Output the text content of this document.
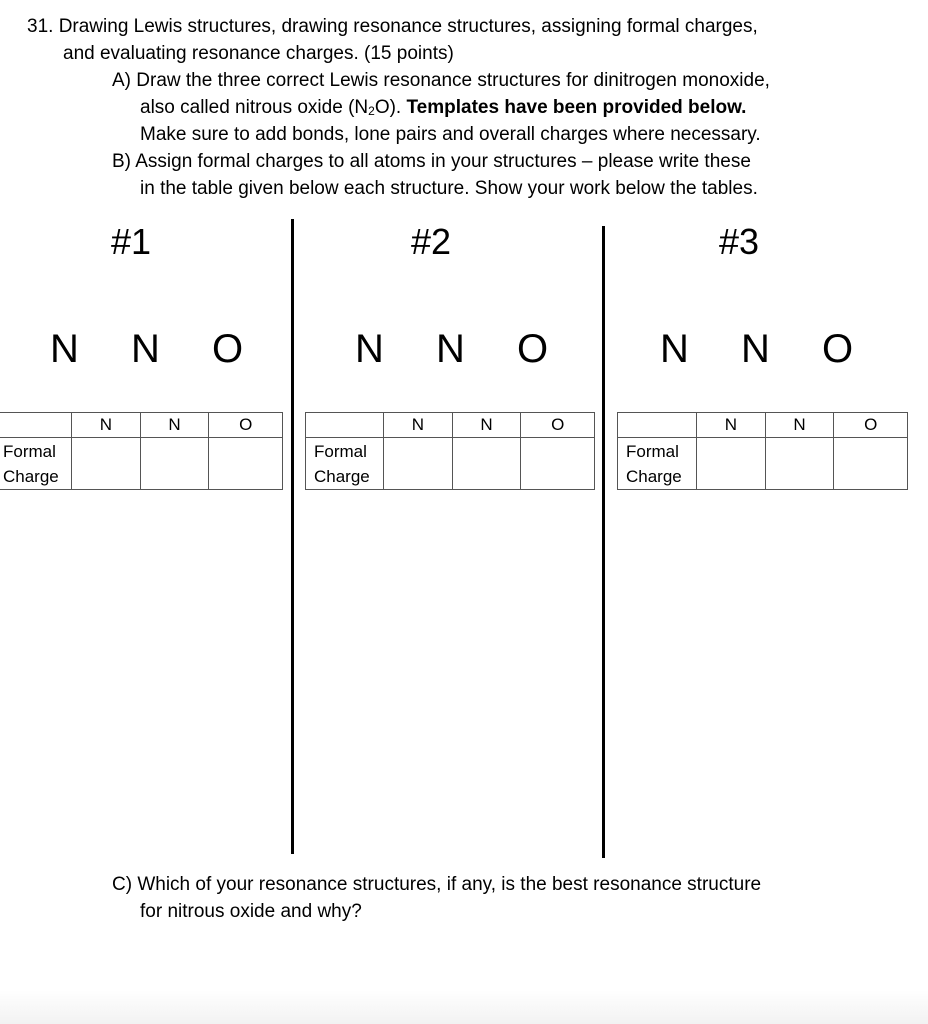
31. Drawing Lewis structures, drawing resonance structures, assigning formal charges,
and evaluating resonance charges. (15 points)
A) Draw the three correct Lewis resonance structures for dinitrogen monoxide,
also called nitrous oxide $(N_2O)$. Templates have been provided below.
Make sure to add bonds, lone pairs and overall charges where necessary.
B) Assign formal charges to all atoms in your structures – please write these
in the table given below each structure. Show your work below the tables.
#1	#2	#3
N N O	N N O	N N O
	N	N	O
Formal
Charge			
	N	N	O
Formal
Charge			
	N	N	O
Formal
Charge			
C) Which of your resonance structures, if any, is the best resonance structure
for nitrous oxide and why?
